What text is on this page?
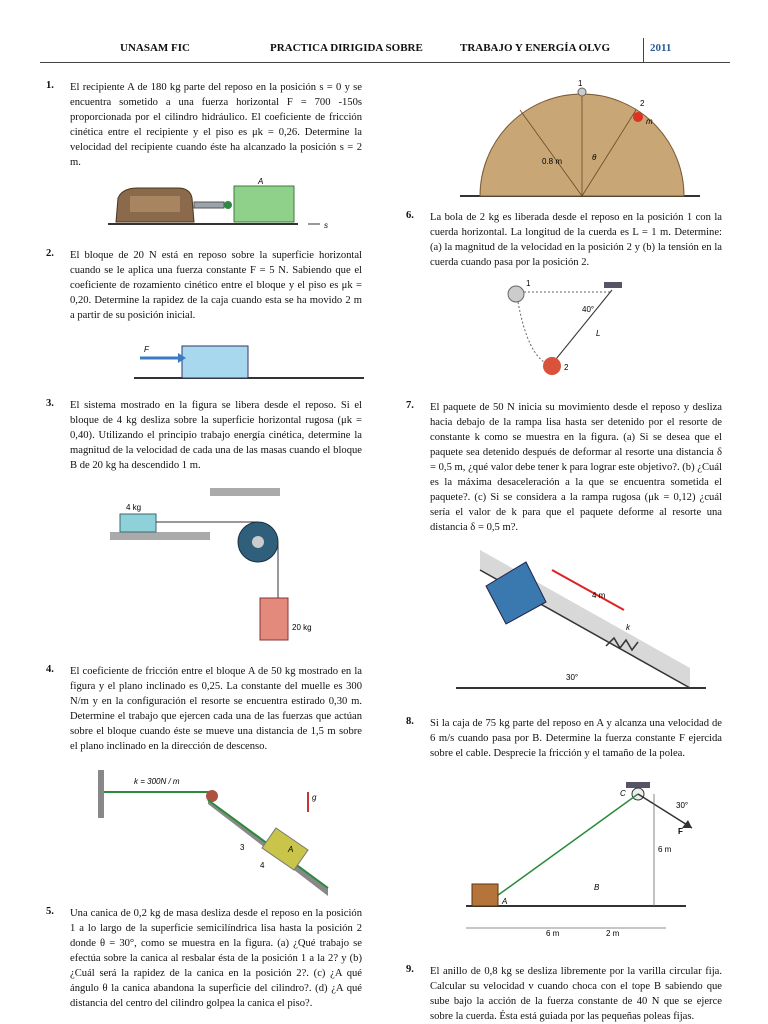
UNASAM FIC	PRACTICA DIRIGIDA SOBRE	TRABAJO Y ENERGÍA OLVG	2011
1. El recipiente A de 180 kg parte del reposo en la posición s = 0 y se encuentra sometido a una fuerza horizontal F = 700 -150s proporcionada por el cilindro hidráulico. El coeficiente de fricción cinética entre el recipiente y el piso es μk = 0,26. Determine la velocidad del recipiente cuando éste ha alcanzado la posición s = 2 m.
A
s
2. El bloque de 20 N está en reposo sobre la superficie horizontal cuando se le aplica una fuerza constante F = 5 N. Sabiendo que el coeficiente de rozamiento cinético entre el bloque y el piso es μk = 0,20. Determine la rapidez de la caja cuando esta se ha movido 2 m a partir de su posición inicial.
F
3. El sistema mostrado en la figura se libera desde el reposo. Si el bloque de 4 kg desliza sobre la superficie horizontal rugosa (μk = 0,40). Utilizando el principio trabajo energía cinética, determine la magnitud de la velocidad de cada una de las masas cuando el bloque B de 20 kg ha descendido 1 m.
4 kg
20 kg
4. El coeficiente de fricción entre el bloque A de 50 kg mostrado en la figura y el plano inclinado es 0,25. La constante del muelle es 300 N/m y en la configuración el resorte se encuentra estirado 0,30 m. Determine el trabajo que ejercen cada una de las fuerzas que actúan sobre el bloque cuando éste se mueve una distancia de 1,5 m sobre el plano inclinado en la dirección de descenso.
k = 300N / m
A
g
4
3
5. Una canica de 0,2 kg de masa desliza desde el reposo en la posición 1 a lo largo de la superficie semicilíndrica lisa hasta la posición 2 donde θ = 30°, como se muestra en la figura. (a) ¿Qué trabajo se efectúa sobre la canica al resbalar ésta de la posición 1 a la 2? y (b) ¿Cuál será la rapidez de la canica en la posición 2?. (c) ¿A qué ángulo θ la canica abandona la superficie del cilindro?. (d) ¿A qué distancia del centro del cilindro golpea la canica el piso?.
1
2
m
0.8 m	θ
6. La bola de 2 kg es liberada desde el reposo en la posición 1 con la cuerda horizontal. La longitud de la cuerda es L = 1 m. Determine: (a) la magnitud de la velocidad en la posición 2 y (b) la tensión en la cuerda cuando pasa por la posición 2.
1
2
40°
L
7. El paquete de 50 N inicia su movimiento desde el reposo y desliza hacia debajo de la rampa lisa hasta ser detenido por el resorte de constante k como se muestra en la figura. (a) Si se desea que el paquete sea detenido después de deformar al resorte una distancia δ = 0,5 m, ¿qué valor debe tener k para lograr este objetivo?. (b) ¿Cuál es la máxima desaceleración a la que se encuentra sometida el paquete?. (c) Si se considera a la rampa rugosa (μk = 0,12) ¿cuál sería el valor de k para que el paquete deforme al resorte una distancia δ = 0,5 m?.
4 m
k
30°
8. Si la caja de 75 kg parte del reposo en A y alcanza una velocidad de 6 m/s cuando pasa por B. Determine la fuerza constante F ejercida sobre el cable. Desprecie la fricción y el tamaño de la polea.
C
30°
F
6 m
B
A
6 m	2 m
9. El anillo de 0,8 kg se desliza libremente por la varilla circular fija. Calcular su velocidad v cuando choca con el tope B sabiendo que sube bajo la acción de la fuerza constante de 40 N que se ejerce sobre la cuerda. Ésta está guiada por las pequeñas poleas fijas.
